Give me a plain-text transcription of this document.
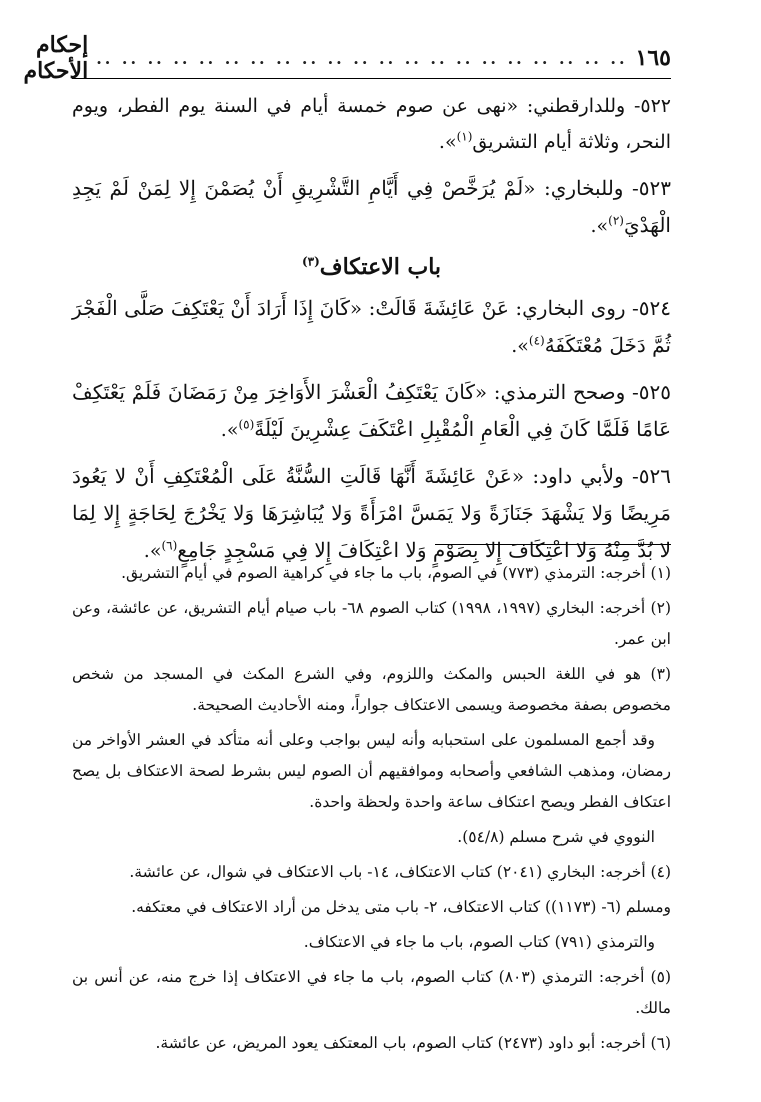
١٦٥
.. .. .. .. .. .. .. .. .. .. .. .. .. .. .. .. .. .. .. .. ..
إحكام الأحكام

٥٢٢- وللدارقطني: «نهى عن صوم خمسة أيام في السنة يوم الفطر، ويوم النحر، وثلاثة أيام التشريق$^{(١)}$».

٥٢٣- وللبخاري: «لَمْ يُرَخَّصْ فِي أَيَّامِ التَّشْرِيقِ أَنْ يُصَمْنَ إِلا لِمَنْ لَمْ يَجِدِ الْهَدْيَ$^{(٢)}$».

باب الاعتكاف$^{(٣)}$

٥٢٤- روى البخاري: عَنْ عَائِشَةَ قَالَتْ: «كَانَ إِذَا أَرَادَ أَنْ يَعْتَكِفَ صَلَّى الْفَجْرَ ثُمَّ دَخَلَ مُعْتَكَفَهُ$^{(٤)}$».

٥٢٥- وصحح الترمذي: «كَانَ يَعْتَكِفُ الْعَشْرَ الأَوَاخِرَ مِنْ رَمَضَانَ فَلَمْ يَعْتَكِفْ عَامًا فَلَمَّا كَانَ فِي الْعَامِ الْمُقْبِلِ اعْتَكَفَ عِشْرِينَ لَيْلَةً$^{(٥)}$».

٥٢٦- ولأبي داود: «عَنْ عَائِشَةَ أَنَّهَا قَالَتِ السُّنَّةُ عَلَى الْمُعْتَكِفِ أَنْ لا يَعُودَ مَرِيضًا وَلا يَشْهَدَ جَنَازَةً وَلا يَمَسَّ امْرَأَةً وَلا يُبَاشِرَهَا وَلا يَخْرُجَ لِحَاجَةٍ إِلا لِمَا لا بُدَّ مِنْهُ وَلا اعْتِكَافَ إِلا بِصَوْمٍ وَلا اعْتِكَافَ إِلا فِي مَسْجِدٍ جَامِعٍ$^{(٦)}$».

(١) أخرجه: الترمذي (٧٧٣) في الصوم، باب ما جاء في كراهية الصوم في أيام التشريق.

(٢) أخرجه: البخاري (١٩٩٧، ١٩٩٨) كتاب الصوم ٦٨- باب صيام أيام التشريق، عن عائشة، وعن ابن عمر.

(٣) هو في اللغة الحبس والمكث واللزوم، وفي الشرع المكث في المسجد من شخص مخصوص بصفة مخصوصة ويسمى الاعتكاف جواراً، ومنه الأحاديث الصحيحة.

وقد أجمع المسلمون على استحبابه وأنه ليس بواجب وعلى أنه متأكد في العشر الأواخر من رمضان، ومذهب الشافعي وأصحابه وموافقيهم أن الصوم ليس بشرط لصحة الاعتكاف بل يصح اعتكاف الفطر ويصح اعتكاف ساعة واحدة ولحظة واحدة.

النووي في شرح مسلم (٥٤/٨).

(٤) أخرجه: البخاري (٢٠٤١) كتاب الاعتكاف، ١٤- باب الاعتكاف في شوال، عن عائشة.

ومسلم (٦- (١١٧٣)) كتاب الاعتكاف، ٢- باب متى يدخل من أراد الاعتكاف في معتكفه.

والترمذي (٧٩١) كتاب الصوم، باب ما جاء في الاعتكاف.

(٥) أخرجه: الترمذي (٨٠٣) كتاب الصوم، باب ما جاء في الاعتكاف إذا خرج منه، عن أنس بن مالك.

(٦) أخرجه: أبو داود (٢٤٧٣) كتاب الصوم، باب المعتكف يعود المريض، عن عائشة.
